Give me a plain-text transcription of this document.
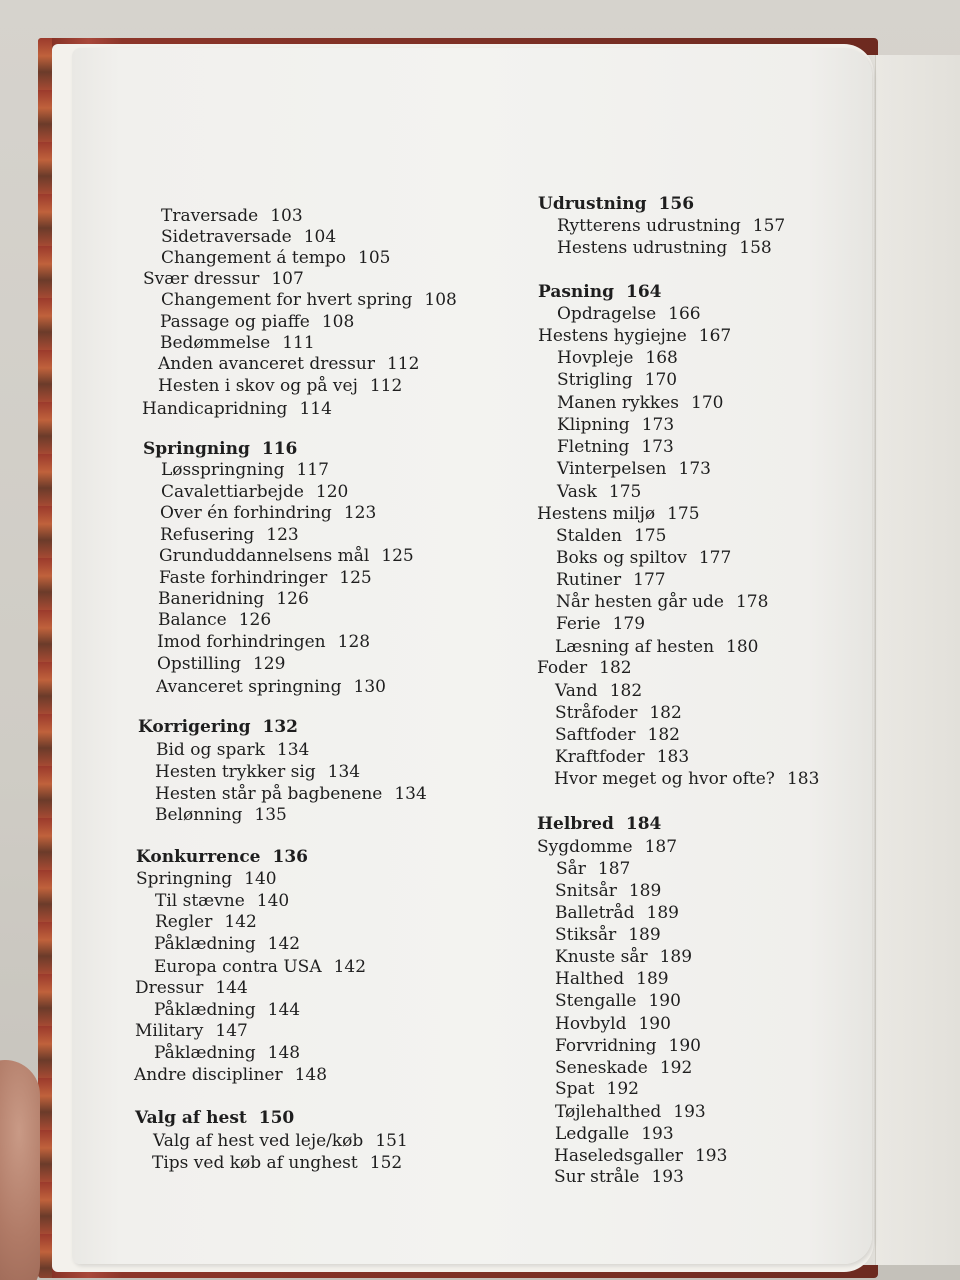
Traversade 103
Sidetraversade 104
Changement á tempo 105
Svær dressur 107
Changement for hvert spring 108
Passage og piaffe 108
Bedømmelse 111
Anden avanceret dressur 112
Hesten i skov og på vej 112
Handicapridning 114
Springning 116
Løsspringning 117
Cavalettiarbejde 120
Over én forhindring 123
Refusering 123
Grunduddannelsens mål 125
Faste forhindringer 125
Baneridning 126
Balance 126
Imod forhindringen 128
Opstilling 129
Avanceret springning 130
Korrigering 132
Bid og spark 134
Hesten trykker sig 134
Hesten står på bagbenene 134
Belønning 135
Konkurrence 136
Springning 140
Til stævne 140
Regler 142
Påklædning 142
Europa contra USA 142
Dressur 144
Påklædning 144
Military 147
Påklædning 148
Andre discipliner 148
Valg af hest 150
Valg af hest ved leje/køb 151
Tips ved køb af unghest 152
Udrustning 156
Rytterens udrustning 157
Hestens udrustning 158
Pasning 164
Opdragelse 166
Hestens hygiejne 167
Hovpleje 168
Strigling 170
Manen rykkes 170
Klipning 173
Fletning 173
Vinterpelsen 173
Vask 175
Hestens miljø 175
Stalden 175
Boks og spiltov 177
Rutiner 177
Når hesten går ude 178
Ferie 179
Læsning af hesten 180
Foder 182
Vand 182
Stråfoder 182
Saftfoder 182
Kraftfoder 183
Hvor meget og hvor ofte? 183
Helbred 184
Sygdomme 187
Sår 187
Snitsår 189
Balletråd 189
Stiksår 189
Knuste sår 189
Halthed 189
Stengalle 190
Hovbyld 190
Forvridning 190
Seneskade 192
Spat 192
Tøjlehalthed 193
Ledgalle 193
Haseledsgaller 193
Sur stråle 193
